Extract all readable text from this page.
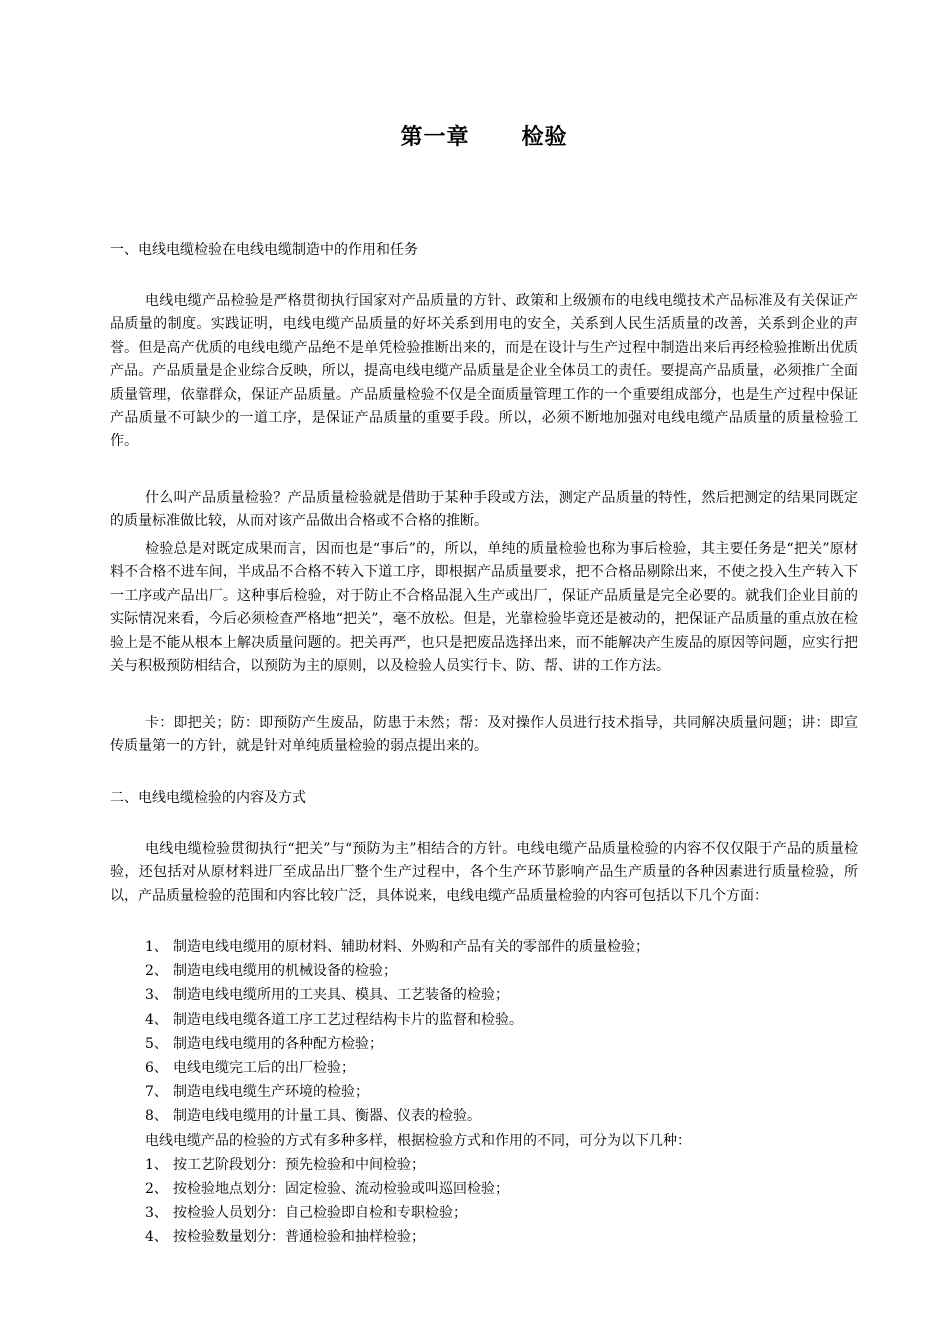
第一章 检验
一、电线电缆检验在电线电缆制造中的作用和任务

电线电缆产品检验是严格贯彻执行国家对产品质量的方针、政策和上级颁布的电线电缆技术产品标准及有关保证产品质量的制度。实践证明，电线电缆产品质量的好坏关系到用电的安全，关系到人民生活质量的改善，关系到企业的声誉。但是高产优质的电线电缆产品绝不是单凭检验推断出来的，而是在设计与生产过程中制造出来后再经检验推断出优质产品。产品质量是企业综合反映，所以，提高电线电缆产品质量是企业全体员工的责任。要提高产品质量，必须推广全面质量管理，依靠群众，保证产品质量。产品质量检验不仅是全面质量管理工作的一个重要组成部分，也是生产过程中保证产品质量不可缺少的一道工序，是保证产品质量的重要手段。所以，必须不断地加强对电线电缆产品质量的质量检验工作。

什么叫产品质量检验？产品质量检验就是借助于某种手段或方法，测定产品质量的特性，然后把测定的结果同既定的质量标准做比较，从而对该产品做出合格或不合格的推断。

检验总是对既定成果而言，因而也是“事后”的，所以，单纯的质量检验也称为事后检验，其主要任务是“把关”原材料不合格不进车间，半成品不合格不转入下道工序，即根据产品质量要求，把不合格品剔除出来，不使之投入生产转入下一工序或产品出厂。这种事后检验，对于防止不合格品混入生产或出厂，保证产品质量是完全必要的。就我们企业目前的实际情况来看，今后必须检查严格地“把关”，毫不放松。但是，光靠检验毕竟还是被动的，把保证产品质量的重点放在检验上是不能从根本上解决质量问题的。把关再严，也只是把废品选择出来，而不能解决产生废品的原因等问题，应实行把关与积极预防相结合，以预防为主的原则，以及检验人员实行卡、防、帮、讲的工作方法。

卡：即把关；防：即预防产生废品，防患于未然；帮：及对操作人员进行技术指导，共同解决质量问题；讲：即宣传质量第一的方针，就是针对单纯质量检验的弱点提出来的。

二、电线电缆检验的内容及方式

电线电缆检验贯彻执行“把关”与“预防为主”相结合的方针。电线电缆产品质量检验的内容不仅仅限于产品的质量检验，还包括对从原材料进厂至成品出厂整个生产过程中，各个生产环节影响产品生产质量的各种因素进行质量检验，所以，产品质量检验的范围和内容比较广泛，具体说来，电线电缆产品质量检验的内容可包括以下几个方面：

1、 制造电线电缆用的原材料、辅助材料、外购和产品有关的零部件的质量检验；
2、 制造电线电缆用的机械设备的检验；
3、 制造电线电缆所用的工夹具、模具、工艺装备的检验；
4、 制造电线电缆各道工序工艺过程结构卡片的监督和检验。
5、 制造电线电缆用的各种配方检验；
6、 电线电缆完工后的出厂检验；
7、 制造电线电缆生产环境的检验；
8、 制造电线电缆用的计量工具、衡器、仪表的检验。
电线电缆产品的检验的方式有多种多样，根据检验方式和作用的不同，可分为以下几种：
1、 按工艺阶段划分：预先检验和中间检验；
2、 按检验地点划分：固定检验、流动检验或叫巡回检验；
3、 按检验人员划分：自己检验即自检和专职检验；
4、 按检验数量划分：普通检验和抽样检验；
